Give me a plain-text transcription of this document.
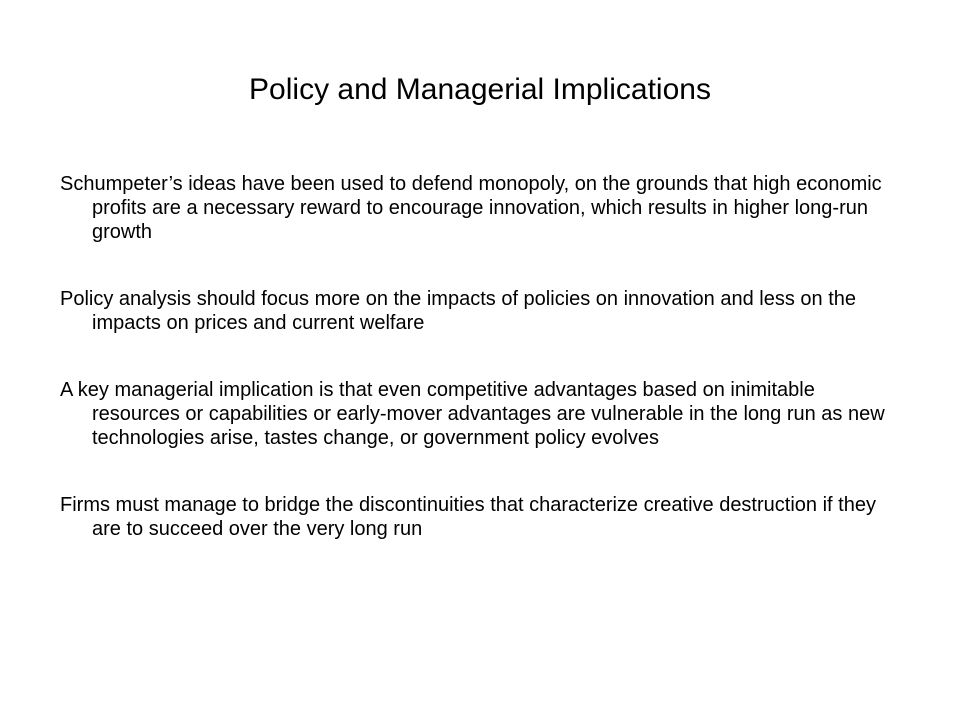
Policy and Managerial Implications
Schumpeter’s ideas have been used to defend monopoly, on the grounds that high economic profits are a necessary reward to encourage innovation, which results in higher long-run growth
Policy analysis should focus more on the impacts of policies on innovation and less on the impacts on prices and current welfare
A key managerial implication is that even competitive advantages based on inimitable resources or capabilities or early-mover advantages are vulnerable in the long run as new technologies arise, tastes change, or government policy evolves
Firms must manage to bridge the discontinuities that characterize creative destruction if they are to succeed over the very long run
